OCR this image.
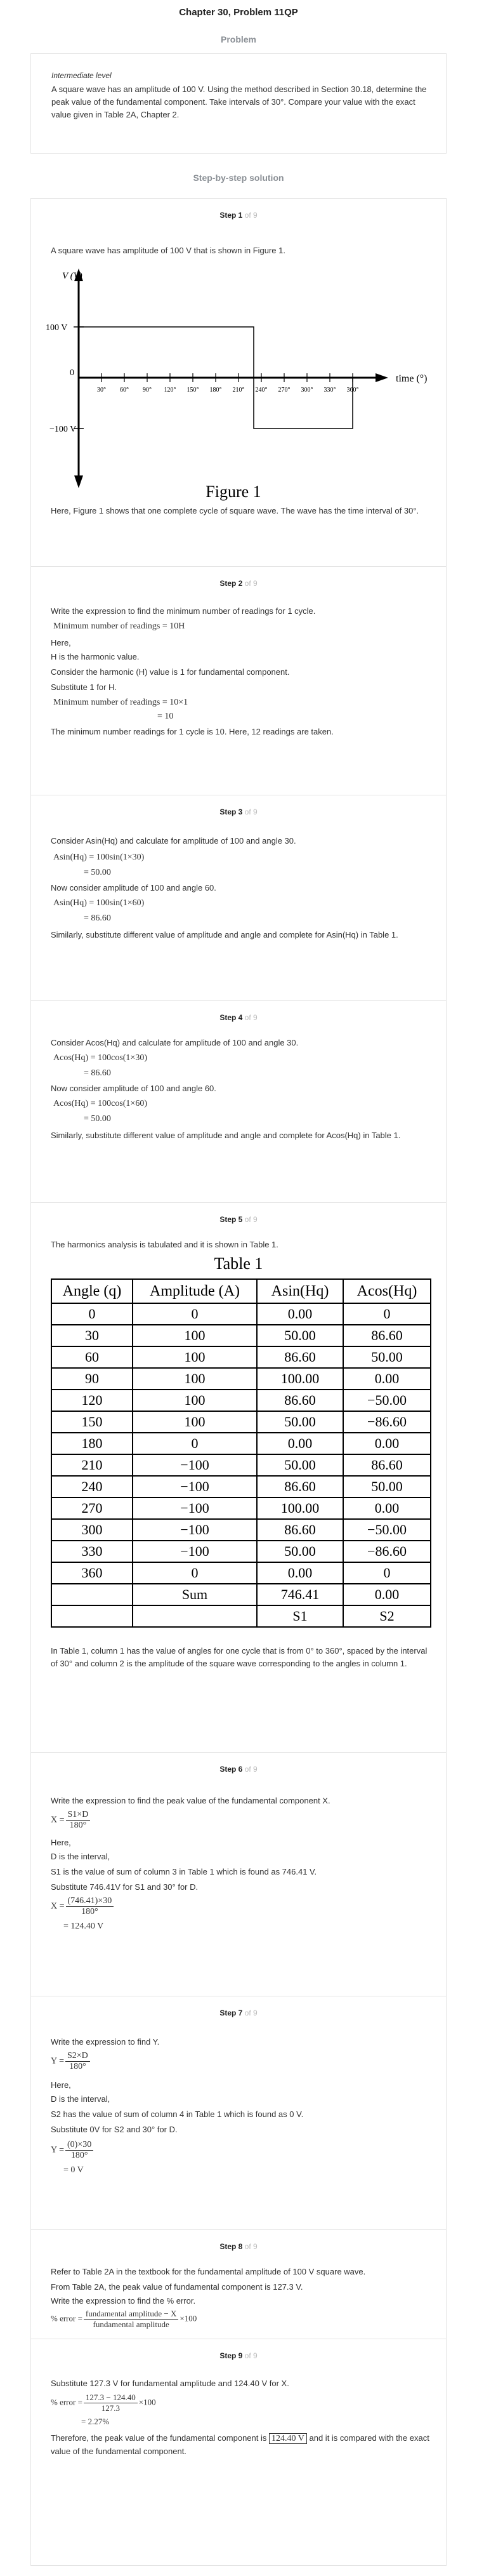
Chapter 30, Problem 11QP
Problem
Intermediate level
A square wave has an amplitude of 100 V. Using the method described in Section 30.18, determine the peak value of the fundamental component. Take intervals of 30°. Compare your value with the exact value given in Table 2A, Chapter 2.
Step-by-step solution
Step 1 of 9
A square wave has amplitude of 100 V that is shown in Figure 1.
30° 60° 90° 120° 150° 180° 210° 240° 270° 300° 330° 360°
V (V)
100 V
−100 V
0
time (°)
Figure 1
Here, Figure 1 shows that one complete cycle of square wave. The wave has the time interval of 30°.
Step 2 of 9
Write the expression to find the minimum number of readings for 1 cycle.
Minimum number of readings = 10H
Here,
H is the harmonic value.
Consider the harmonic (H) value is 1 for fundamental component.
Substitute 1 for H.
Minimum number of readings = 10×1
= 10
The minimum number readings for 1 cycle is 10. Here, 12 readings are taken.
Step 3 of 9
Consider Asin(Hq) and calculate for amplitude of 100 and angle 30.
Asin(Hq) = 100sin(1×30)
= 50.00
Now consider amplitude of 100 and angle 60.
Asin(Hq) = 100sin(1×60)
= 86.60
Similarly, substitute different value of amplitude and angle and complete for Asin(Hq) in Table 1.
Step 4 of 9
Consider Acos(Hq) and calculate for amplitude of 100 and angle 30.
Acos(Hq) = 100cos(1×30)
= 86.60
Now consider amplitude of 100 and angle 60.
Acos(Hq) = 100cos(1×60)
= 50.00
Similarly, substitute different value of amplitude and angle and complete for Acos(Hq) in Table 1.
Step 5 of 9
The harmonics analysis is tabulated and it is shown in Table 1.
Table 1
Angle (q)	Amplitude (A)	Asin(Hq)	Acos(Hq)
0	0	0.00	0
30	100	50.00	86.60
60	100	86.60	50.00
90	100	100.00	0.00
120	100	86.60	−50.00
150	100	50.00	−86.60
180	0	0.00	0.00
210	−100	50.00	86.60
240	−100	86.60	50.00
270	−100	100.00	0.00
300	−100	86.60	−50.00
330	−100	50.00	−86.60
360	0	0.00	0
	Sum	746.41	0.00
		S1	S2
In Table 1, column 1 has the value of angles for one cycle that is from 0° to 360°, spaced by the interval of 30° and column 2 is the amplitude of the square wave corresponding to the angles in column 1.
Step 6 of 9
Write the expression to find the peak value of the fundamental component X.
$X = \frac{S1\times D}{180^\circ}$
Here,
D is the interval,
S1 is the value of sum of column 3 in Table 1 which is found as 746.41 V.
Substitute 746.41V for S1 and 30° for D.
$X = \frac{(746.41)\times 30}{180^\circ}$
= 124.40 V
Step 7 of 9
Write the expression to find Y.
$Y = \frac{S2\times D}{180^\circ}$
Here,
D is the interval,
S2 has the value of sum of column 4 in Table 1 which is found as 0 V.
Substitute 0V for S2 and 30° for D.
$Y = \frac{(0)\times 30}{180^\circ}$
= 0 V
Step 8 of 9
Refer to Table 2A in the textbook for the fundamental amplitude of 100 V square wave.
From Table 2A, the peak value of fundamental component is 127.3 V.
Write the expression to find the % error.
% error = $\frac{\text{fundamental amplitude − X}}{\text{fundamental amplitude}} \times 100$
Step 9 of 9
Substitute 127.3 V for fundamental amplitude and 124.40 V for X.
% error = $\frac{127.3 - 124.40}{127.3} \times 100$
= 2.27%
Therefore, the peak value of the fundamental component is 124.40 V and it is compared with the exact value of the fundamental component.
